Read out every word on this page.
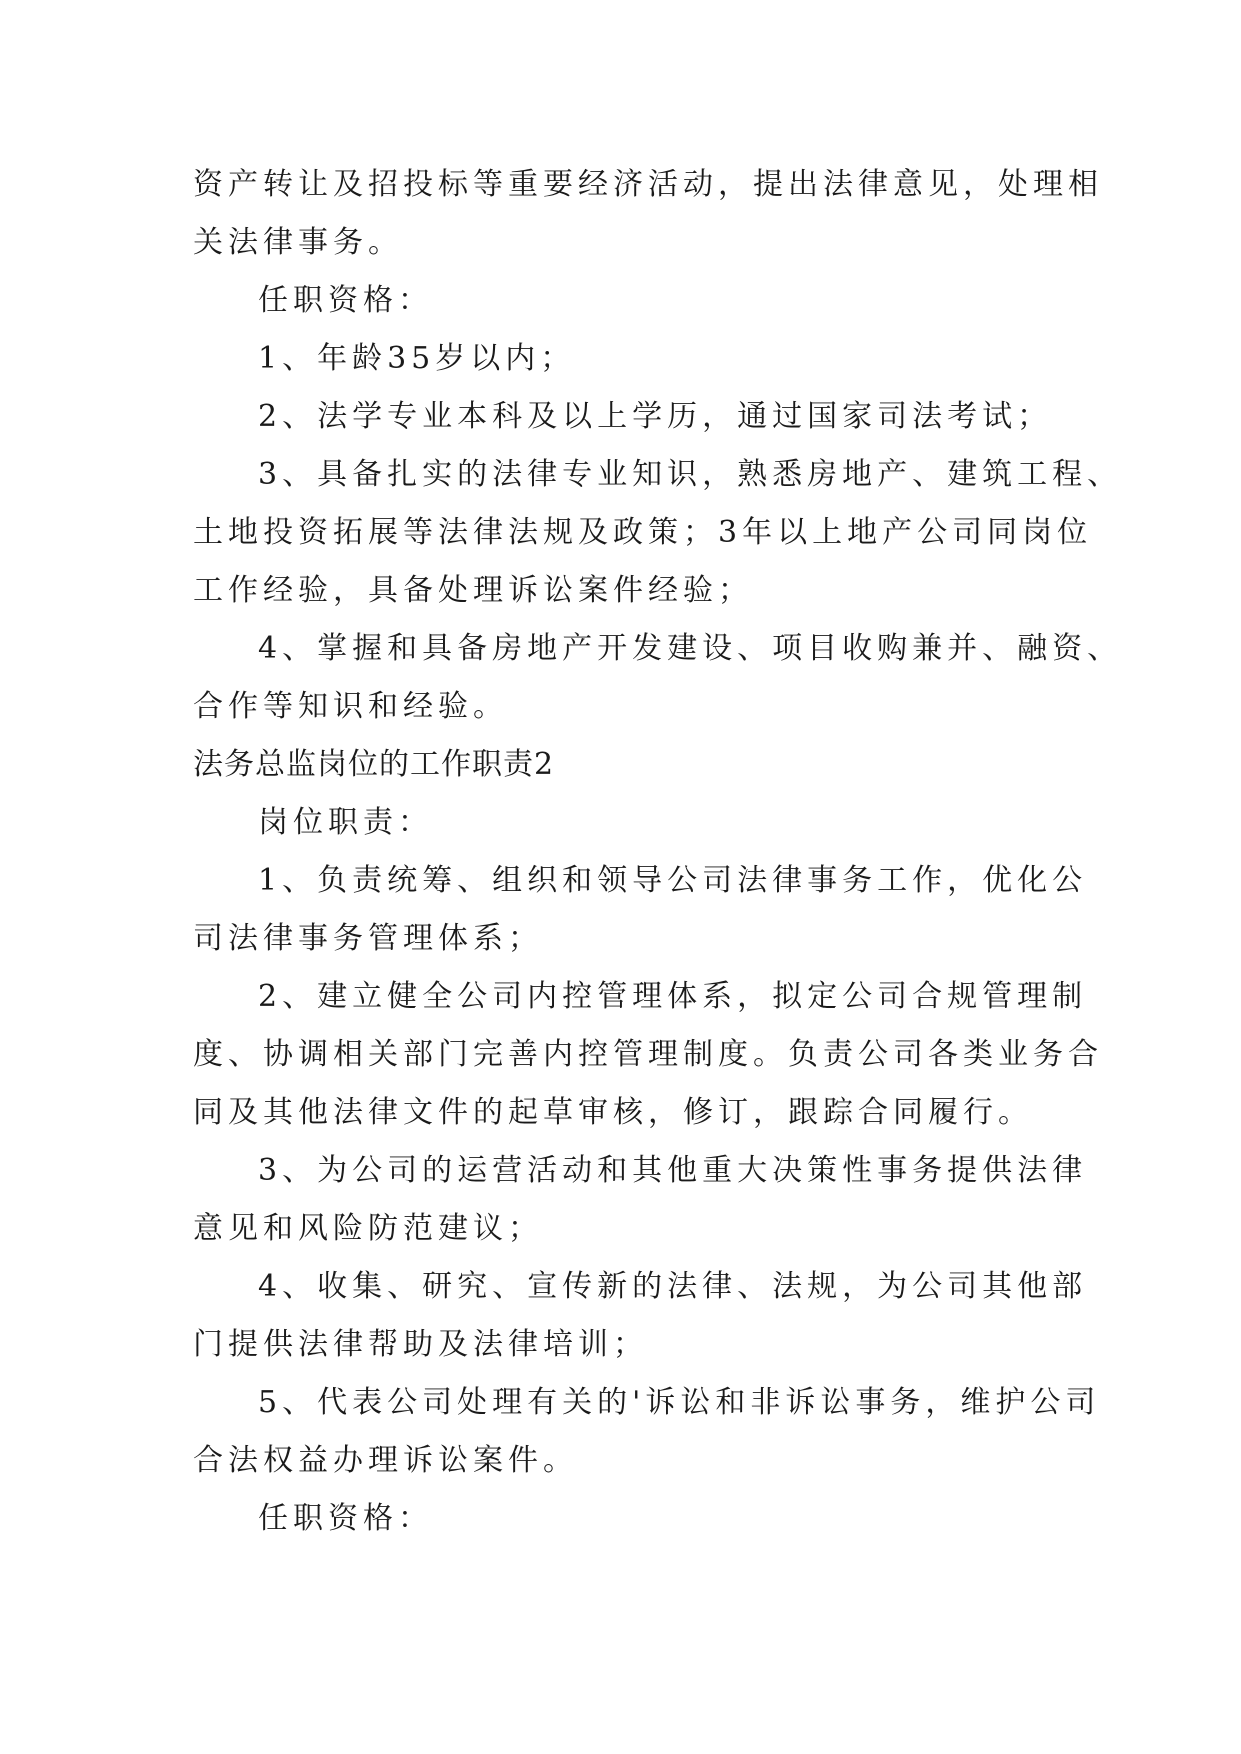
资产转让及招投标等重要经济活动，提出法律意见，处理相
关法律事务。
任职资格：
1、年龄35岁以内；
2、法学专业本科及以上学历，通过国家司法考试；
3、具备扎实的法律专业知识，熟悉房地产、建筑工程、
土地投资拓展等法律法规及政策；3年以上地产公司同岗位
工作经验，具备处理诉讼案件经验；
4、掌握和具备房地产开发建设、项目收购兼并、融资、
合作等知识和经验。
法务总监岗位的工作职责2
岗位职责：
1、负责统筹、组织和领导公司法律事务工作，优化公
司法律事务管理体系；
2、建立健全公司内控管理体系，拟定公司合规管理制
度、协调相关部门完善内控管理制度。负责公司各类业务合
同及其他法律文件的起草审核，修订，跟踪合同履行。
3、为公司的运营活动和其他重大决策性事务提供法律
意见和风险防范建议；
4、收集、研究、宣传新的法律、法规，为公司其他部
门提供法律帮助及法律培训；
5、代表公司处理有关的'诉讼和非诉讼事务，维护公司
合法权益办理诉讼案件。
任职资格：
